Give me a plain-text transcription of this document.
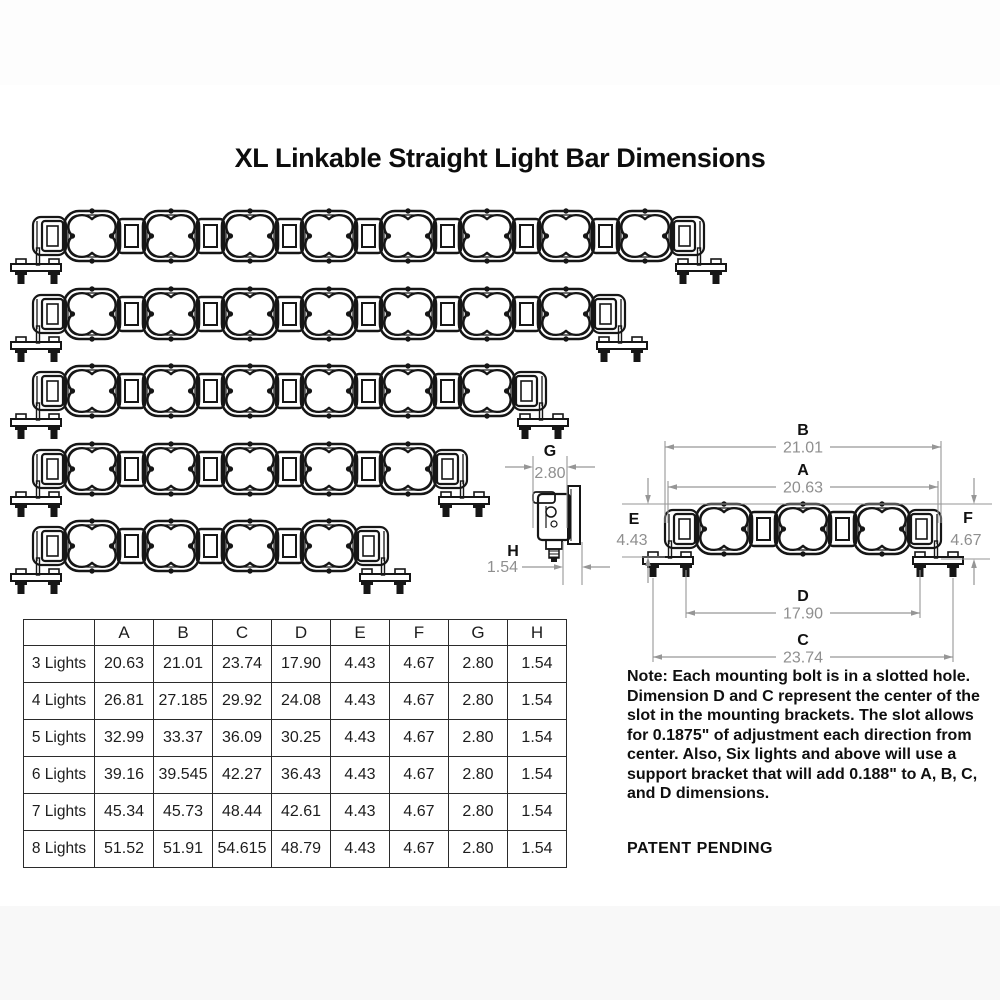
B
21.01
A
20.63
D
17.90
C
23.74
E
4.43
F
4.67
G
2.80
H
1.54
XL Linkable Straight Light Bar Dimensions
	A	B	C	D	E	F	G	H
3 Lights	20.63	21.01	23.74	17.90	4.43	4.67	2.80	1.54
4 Lights	26.81	27.185	29.92	24.08	4.43	4.67	2.80	1.54
5 Lights	32.99	33.37	36.09	30.25	4.43	4.67	2.80	1.54
6 Lights	39.16	39.545	42.27	36.43	4.43	4.67	2.80	1.54
7 Lights	45.34	45.73	48.44	42.61	4.43	4.67	2.80	1.54
8 Lights	51.52	51.91	54.615	48.79	4.43	4.67	2.80	1.54
Note: Each mounting bolt is in a slotted hole. Dimension D and C represent the center of the slot in the mounting brackets. The slot allows for 0.1875" of adjustment each direction from center. Also, Six lights and above will use a support bracket that will add 0.188" to A, B, C, and D dimensions.
PATENT PENDING
